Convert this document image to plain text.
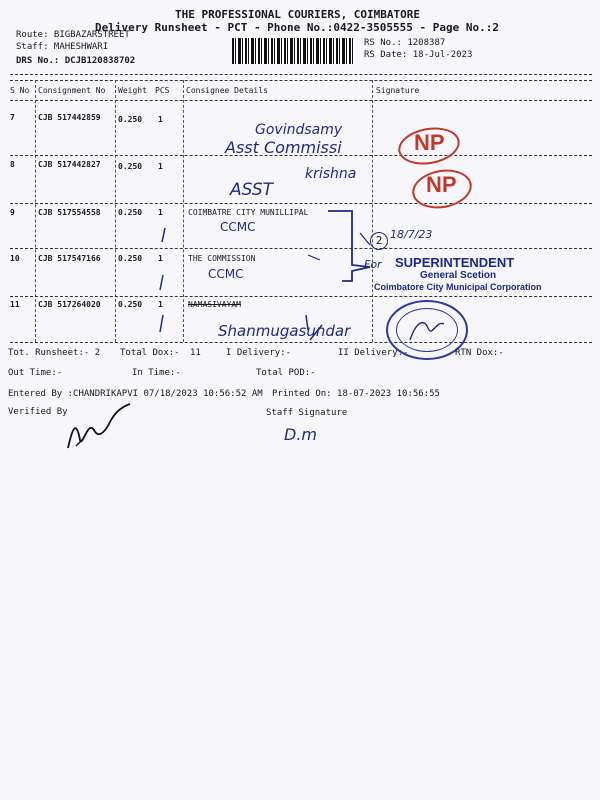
THE PROFESSIONAL COURIERS, COIMBATORE
Delivery Runsheet - PCT - Phone No.:0422-3505555 - Page No.:2
Route: BIGBAZARSTREET
Staff: MAHESHWARI
DRS No.: DCJB120838702
RS No.: 1208387
RS Date: 18-Jul-2023
S No Consignment No Weight PCS Consignee Details	Signature
7	CJB 517442859 0.250 1
8	CJB 517442827 0.250 1
9	CJB 517554558 0.250 1	COIMBATRE CITY MUNILLIPAL
10 CJB 517547166 0.250 1	THE COMMISSION
11 CJB 517264020 0.250 1	NAMASIVAYAM
Govindsamy
Asst Commissi
krishna
ASST
CCMC
CCMC
Shanmugasundar
18/7/23
D.m
NP
NP
2
For SUPERINTENDENT
General Scetion
Coimbatore City Municipal Corporation
Tot. Runsheet:- 2 Total Dox:- 11	I Delivery:-	II Delivery:-	RTN Dox:-
Out Time:-	In Time:-	Total POD:-
Entered By :CHANDRIKAPVI 07/18/2023 10:56:52 AM Printed On: 18-07-2023 10:56:55
Verified By	Staff Signature
